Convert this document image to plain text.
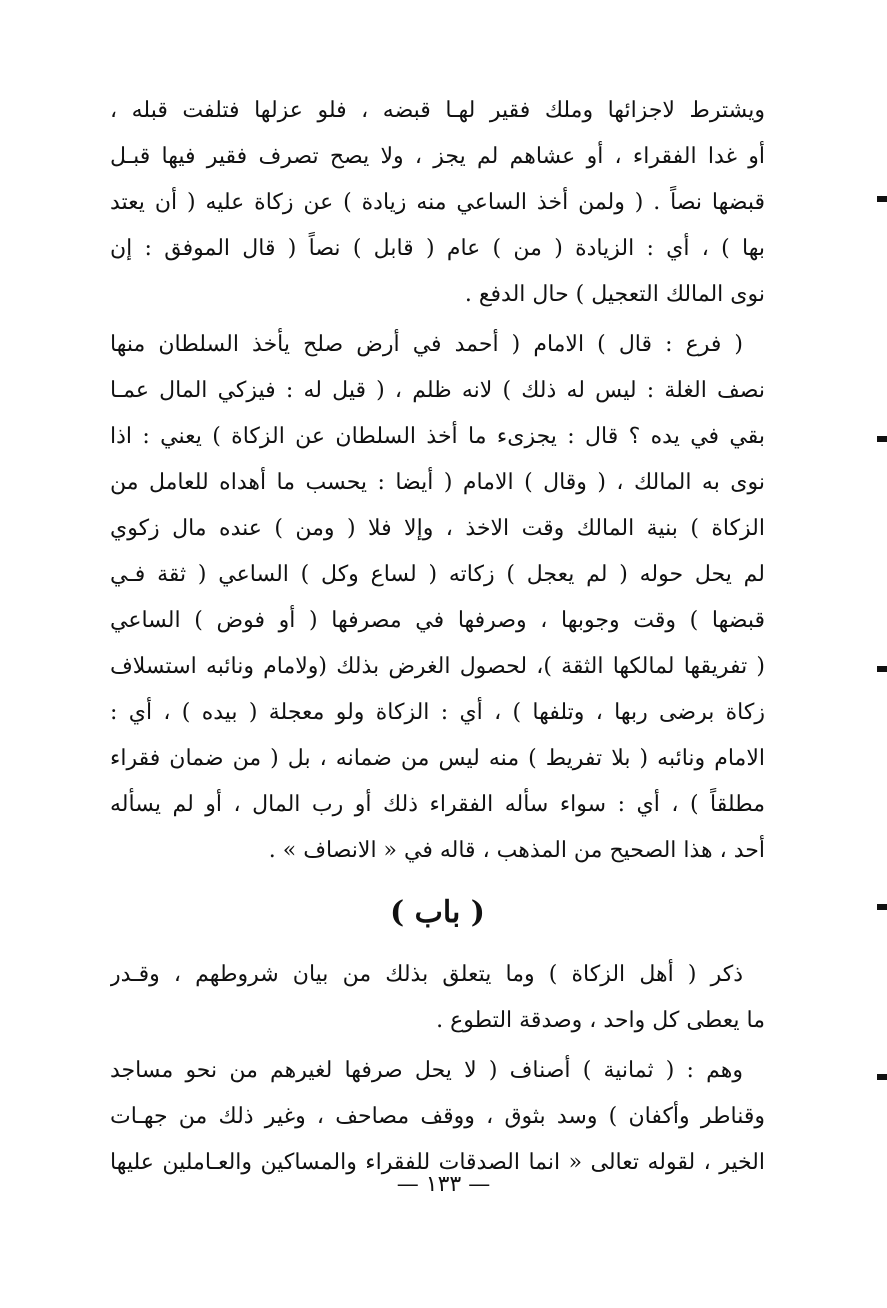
ويشترط لاجزائها وملك فقير لهـا قبضه ، فلو عزلها فتلفت قبله ،
أو غدا الفقراء ، أو عشاهم لم يجز ، ولا يصح تصرف فقير فيها قبـل
قبضها نصاً . ( ولمن أخذ الساعي منه زيادة ) عن زكاة عليه ( أن يعتد
بها ) ، أي : الزيادة ( من ) عام ( قابل ) نصاً ( قال الموفق : إن
نوى المالك التعجيل ) حال الدفع .
( فرع : قال ) الامام ( أحمد في أرض صلح يأخذ السلطان منها
نصف الغلة : ليس له ذلك ) لانه ظلم ، ( قيل له : فيزكي المال عمـا
بقي في يده ؟ قال : يجزىء ما أخذ السلطان عن الزكاة ) يعني : اذا
نوى به المالك ، ( وقال ) الامام ( أيضا : يحسب ما أهداه للعامل من
الزكاة ) بنية المالك وقت الاخذ ، وإلا فلا ( ومن ) عنده مال زكوي
لم يحل حوله ( لم يعجل ) زكاته ( لساع وكل ) الساعي ( ثقة فـي
قبضها ) وقت وجوبها ، وصرفها في مصرفها ( أو فوض ) الساعي
( تفريقها لمالكها الثقة )، لحصول الغرض بذلك (ولامام ونائبه استسلاف
زكاة برضى ربها ، وتلفها ) ، أي : الزكاة ولو معجلة ( بيده ) ، أي :
الامام ونائبه ( بلا تفريط ) منه ليس من ضمانه ، بل ( من ضمان فقراء
مطلقاً ) ، أي : سواء سأله الفقراء ذلك أو رب المال ، أو لم يسأله
أحد ، هذا الصحيح من المذهب ، قاله في « الانصاف » .
( باب )
ذكر ( أهل الزكاة ) وما يتعلق بذلك من بيان شروطهم ، وقـدر
ما يعطى كل واحد ، وصدقة التطوع .
وهم : ( ثمانية ) أصناف ( لا يحل صرفها لغيرهم من نحو مساجد
وقناطر وأكفان ) وسد بثوق ، ووقف مصاحف ، وغير ذلك من جهـات
الخير ، لقوله تعالى « انما الصدقات للفقراء والمساكين والعـاملين عليها
— ١٣٣ —
